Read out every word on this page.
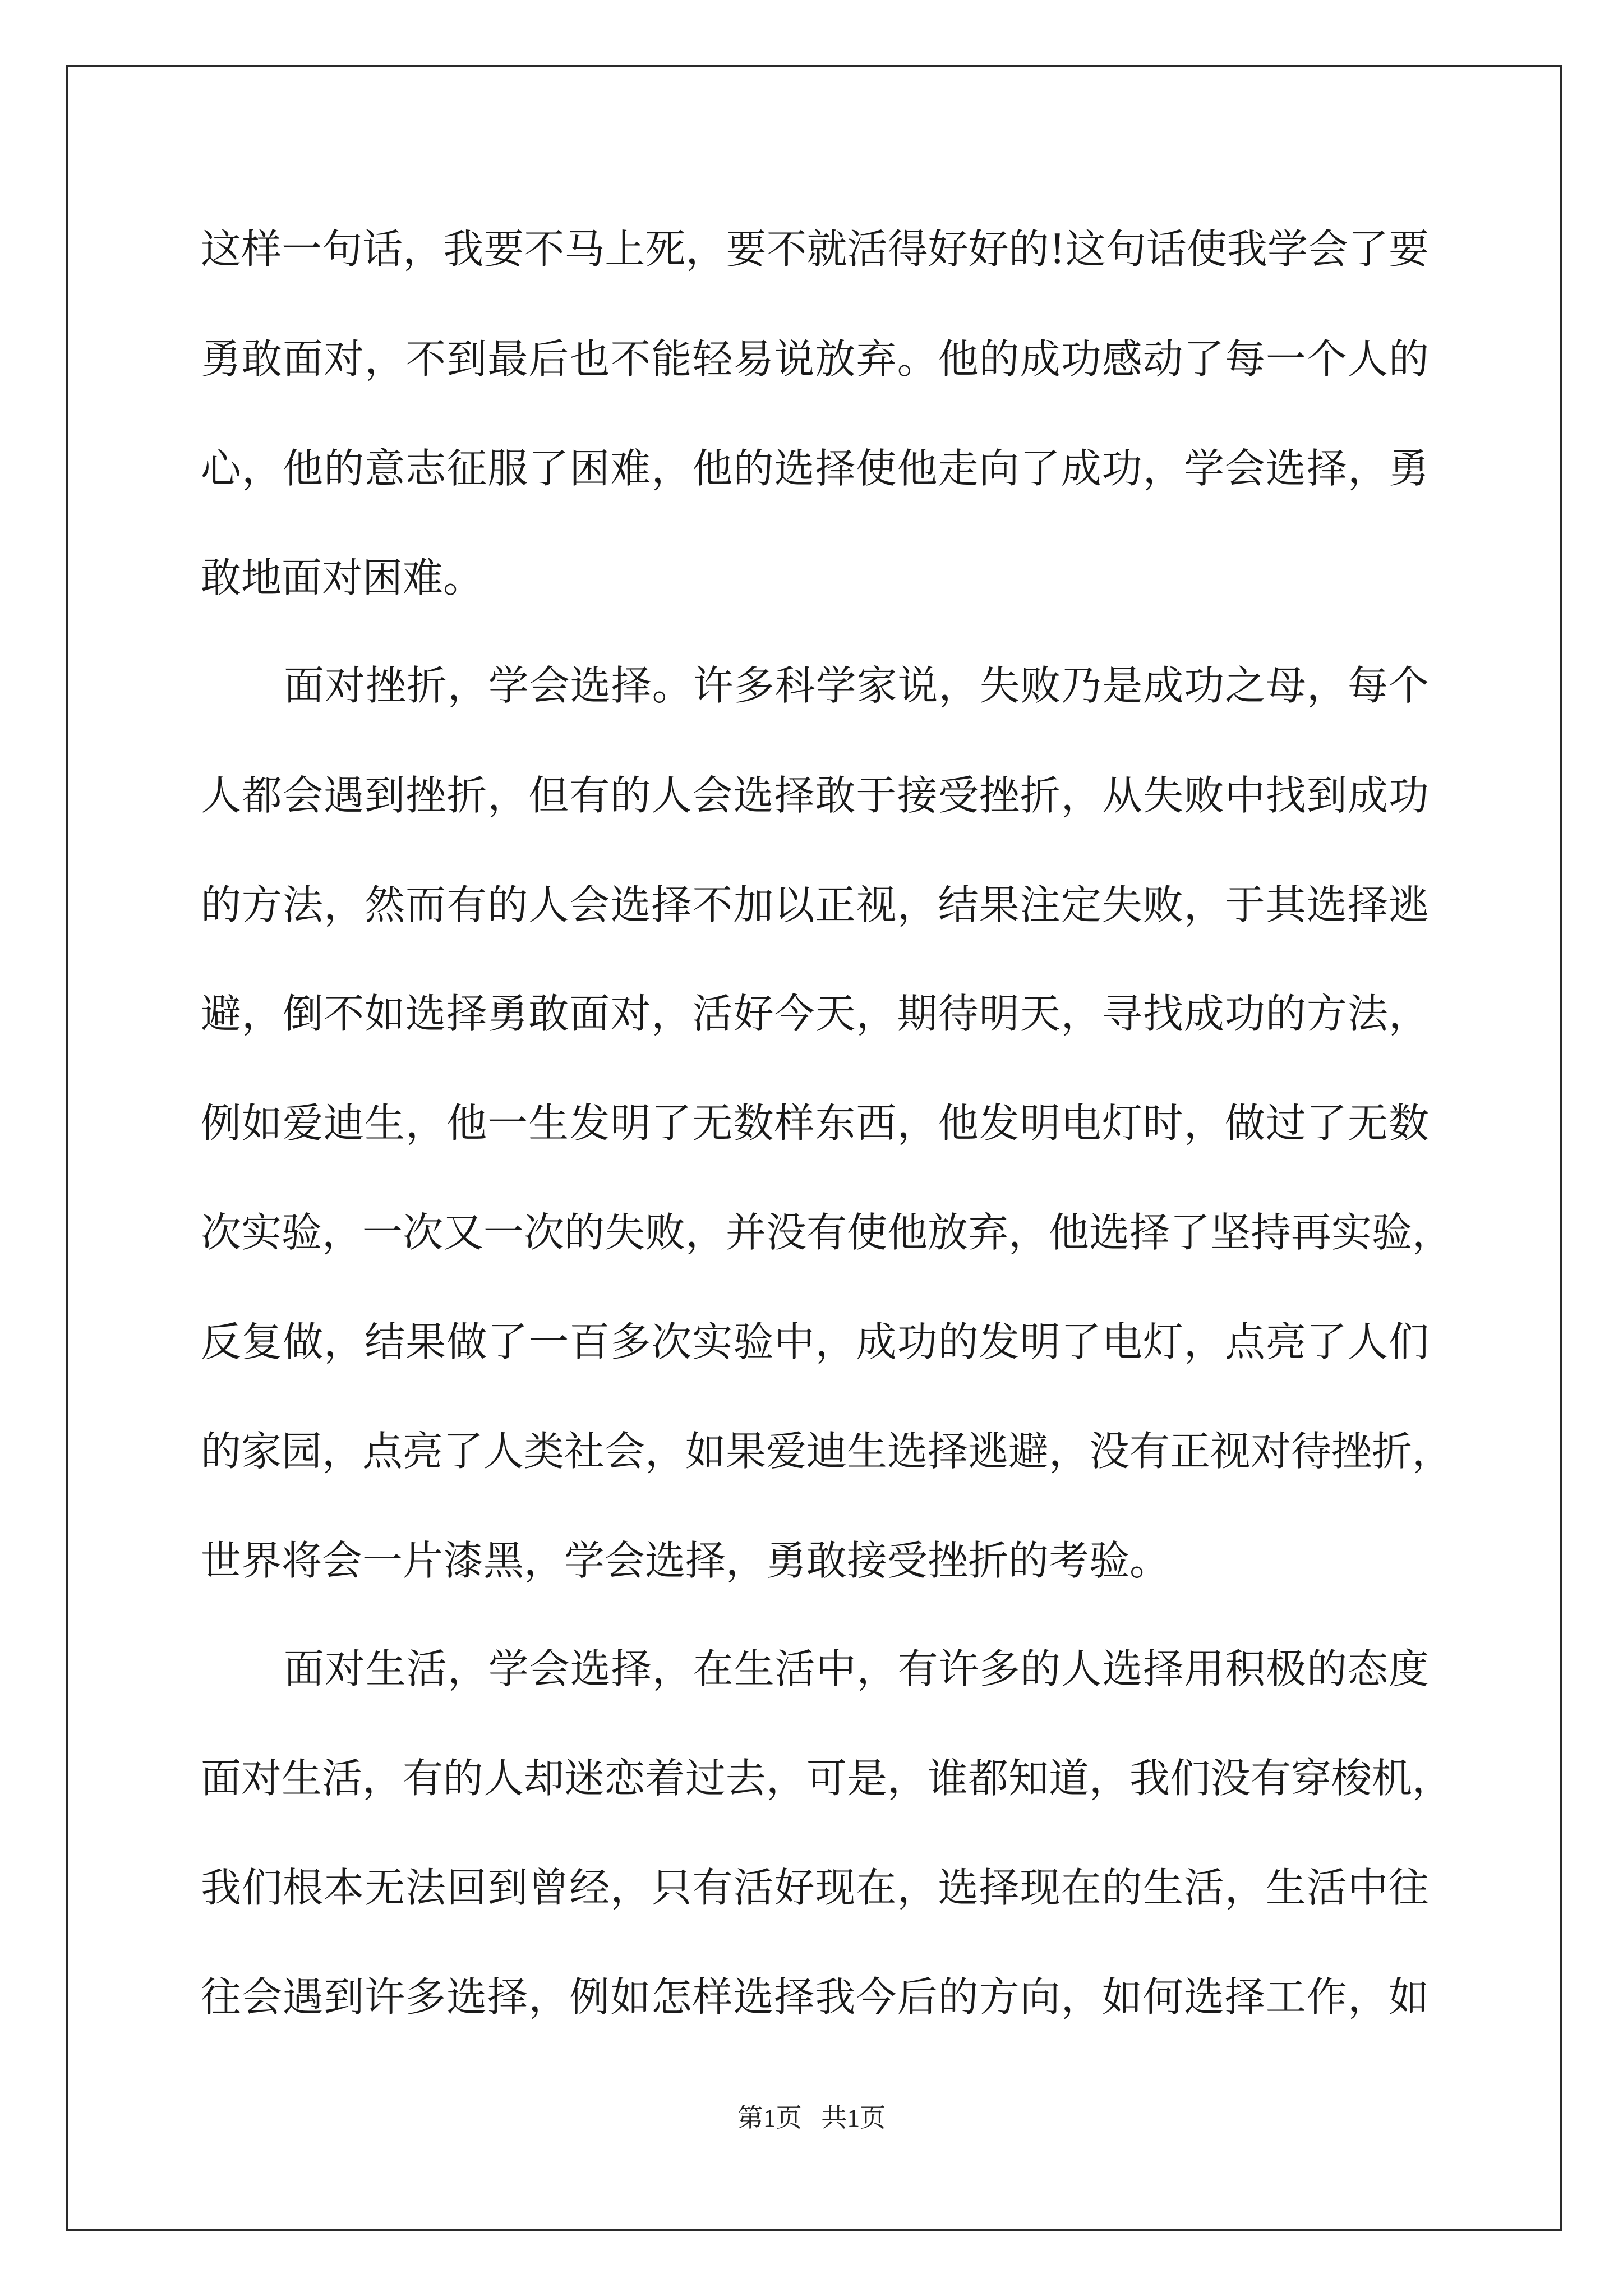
这样一句话，我要不马上死，要不就活得好好的!这句话使我学会了要
勇敢面对，不到最后也不能轻易说放弃。他的成功感动了每一个人的
心，他的意志征服了困难，他的选择使他走向了成功，学会选择，勇
敢地面对困难。
面对挫折，学会选择。许多科学家说，失败乃是成功之母，每个
人都会遇到挫折，但有的人会选择敢于接受挫折，从失败中找到成功
的方法，然而有的人会选择不加以正视，结果注定失败，于其选择逃
避，倒不如选择勇敢面对，活好今天，期待明天，寻找成功的方法，
例如爱迪生，他一生发明了无数样东西，他发明电灯时，做过了无数
次实验，一次又一次的失败，并没有使他放弃，他选择了坚持再实验，
反复做，结果做了一百多次实验中，成功的发明了电灯，点亮了人们
的家园，点亮了人类社会，如果爱迪生选择逃避，没有正视对待挫折，
世界将会一片漆黑，学会选择，勇敢接受挫折的考验。
面对生活，学会选择，在生活中，有许多的人选择用积极的态度
面对生活，有的人却迷恋着过去，可是，谁都知道，我们没有穿梭机，
我们根本无法回到曾经，只有活好现在，选择现在的生活，生活中往
往会遇到许多选择，例如怎样选择我今后的方向，如何选择工作，如
第1页   共1页
